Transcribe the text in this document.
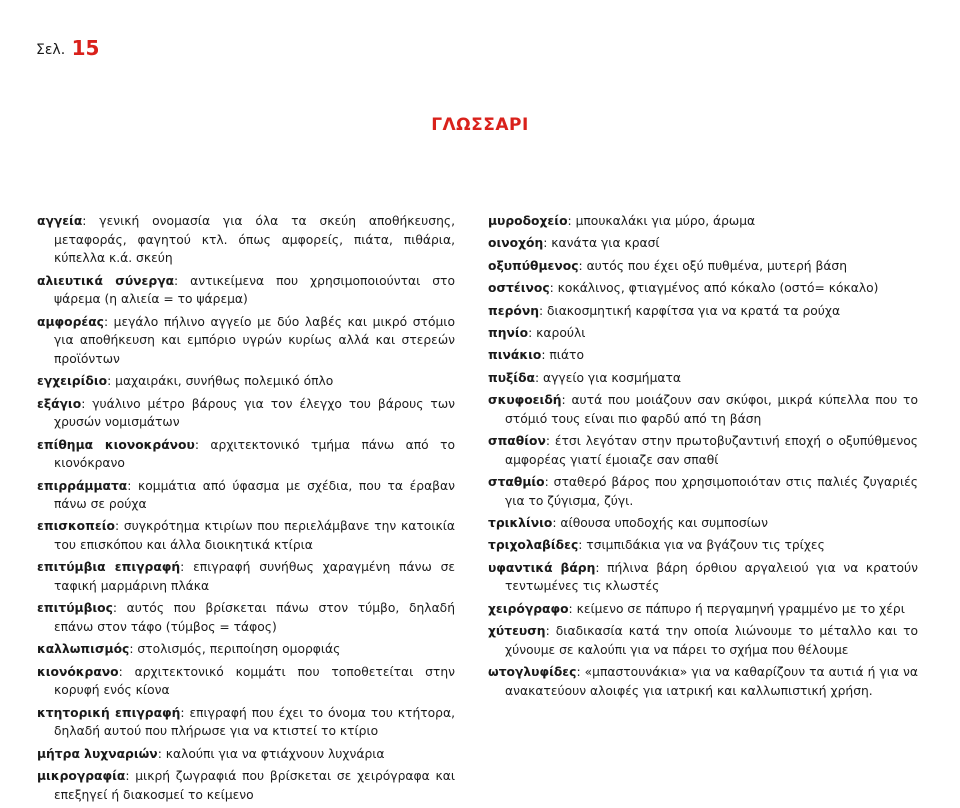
Σελ. 15
ΓΛΩΣΣΑΡΙ

αγγεία: γενική ονομασία για όλα τα σκεύη αποθήκευσης, μεταφοράς, φαγητού κτλ. όπως αμφορείς, πιάτα, πιθάρια, κύπελλα κ.ά. σκεύη

αλιευτικά σύνεργα: αντικείμενα που χρησιμοποιούνται στο ψάρεμα (η αλιεία = το ψάρεμα)

αμφορέας: μεγάλο πήλινο αγγείο με δύο λαβές και μικρό στόμιο για αποθήκευση και εμπόριο υγρών κυρίως αλλά και στερεών προϊόντων

εγχειρίδιο: μαχαιράκι, συνήθως πολεμικό όπλο

εξάγιο: γυάλινο μέτρο βάρους για τον έλεγχο του βάρους των χρυσών νομισμάτων

επίθημα κιονοκράνου: αρχιτεκτονικό τμήμα πάνω από το κιονόκρανο

επιρράμματα: κομμάτια από ύφασμα με σχέδια, που τα έραβαν πάνω σε ρούχα

επισκοπείο: συγκρότημα κτιρίων που περιελάμβανε την κατοικία του επισκόπου και άλλα διοικητικά κτίρια

επιτύμβια επιγραφή: επιγραφή συνήθως χαραγμένη πάνω σε ταφική μαρμάρινη πλάκα

επιτύμβιος: αυτός που βρίσκεται πάνω στον τύμβο, δηλαδή επάνω στον τάφο (τύμβος = τάφος)

καλλωπισμός: στολισμός, περιποίηση ομορφιάς

κιονόκρανο: αρχιτεκτονικό κομμάτι που τοποθετείται στην κορυφή ενός κίονα

κτητορική επιγραφή: επιγραφή που έχει το όνομα του κτήτορα, δηλαδή αυτού που πλήρωσε για να κτιστεί το κτίριο

μήτρα λυχναριών: καλούπι για να φτιάχνουν λυχνάρια

μικρογραφία: μικρή ζωγραφιά που βρίσκεται σε χειρόγραφα και επεξηγεί ή διακοσμεί το κείμενο

μυροδοχείο: μπουκαλάκι για μύρο, άρωμα

οινοχόη: κανάτα για κρασί

οξυπύθμενος: αυτός που έχει οξύ πυθμένα, μυτερή βάση

οστέινος: κοκάλινος, φτιαγμένος από κόκαλο (οστό= κόκαλο)

περόνη: διακοσμητική καρφίτσα για να κρατά τα ρούχα

πηνίο: καρούλι

πινάκιο: πιάτο

πυξίδα: αγγείο για κοσμήματα

σκυφοειδή: αυτά που μοιάζουν σαν σκύφοι, μικρά κύπελλα που το στόμιό τους είναι πιο φαρδύ από τη βάση

σπαθίον: έτσι λεγόταν στην πρωτοβυζαντινή εποχή ο οξυπύθμενος αμφορέας γιατί έμοιαζε σαν σπαθί

σταθμίο: σταθερό βάρος που χρησιμοποιόταν στις παλιές ζυγαριές για το ζύγισμα, ζύγι.

τρικλίνιο: αίθουσα υποδοχής και συμποσίων

τριχολαβίδες: τσιμπιδάκια για να βγάζουν τις τρίχες

υφαντικά βάρη: πήλινα βάρη όρθιου αργαλειού για να κρατούν τεντωμένες τις κλωστές

χειρόγραφο: κείμενο σε πάπυρο ή περγαμηνή γραμμένο με το χέρι

χύτευση: διαδικασία κατά την οποία λιώνουμε το μέταλλο και το χύνουμε σε καλούπι για να πάρει το σχήμα που θέλουμε

ωτογλυφίδες: «μπαστουνάκια» για να καθαρίζουν τα αυτιά ή για να ανακατεύουν αλοιφές για ιατρική και καλλωπιστική χρήση.
